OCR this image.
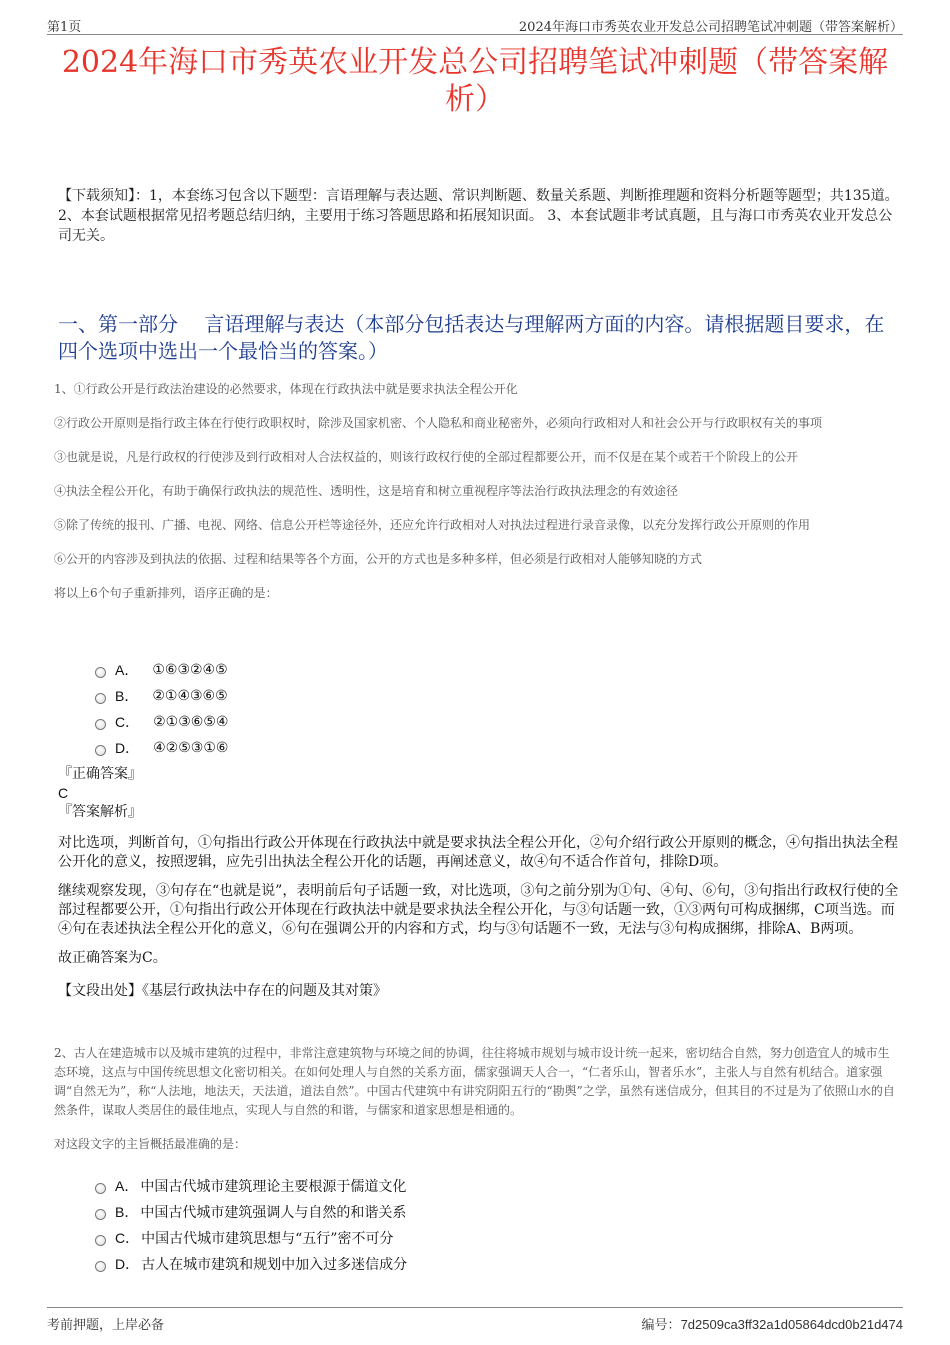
第1页	2024年海口市秀英农业开发总公司招聘笔试冲刺题（带答案解析）
2024年海口市秀英农业开发总公司招聘笔试冲刺题（带答案解析）
【下载须知】：1，本套练习包含以下题型：言语理解与表达题、常识判断题、数量关系题、判断推理题和资料分析题等题型；共135道。 2、本套试题根据常见招考题总结归纳，主要用于练习答题思路和拓展知识面。 3、本套试题非考试真题，且与海口市秀英农业开发总公司无关。
一、第一部分　 言语理解与表达（本部分包括表达与理解两方面的内容。请根据题目要求，在四个选项中选出一个最恰当的答案。）
1、①行政公开是行政法治建设的必然要求，体现在行政执法中就是要求执法全程公开化
②行政公开原则是指行政主体在行使行政职权时，除涉及国家机密、个人隐私和商业秘密外，必须向行政相对人和社会公开与行政职权有关的事项
③也就是说，凡是行政权的行使涉及到行政相对人合法权益的，则该行政权行使的全部过程都要公开，而不仅是在某个或若干个阶段上的公开
④执法全程公开化，有助于确保行政执法的规范性、透明性，这是培育和树立重视程序等法治行政执法理念的有效途径
⑤除了传统的报刊、广播、电视、网络、信息公开栏等途径外，还应允许行政相对人对执法过程进行录音录像，以充分发挥行政公开原则的作用
⑥公开的内容涉及到执法的依据、过程和结果等各个方面，公开的方式也是多种多样，但必须是行政相对人能够知晓的方式
将以上6个句子重新排列，语序正确的是：
A． ①⑥③②④⑤
B． ②①④③⑥⑤
C． ②①③⑥⑤④
D． ④②⑤③①⑥
『正确答案』
C
『答案解析』
对比选项，判断首句，①句指出行政公开体现在行政执法中就是要求执法全程公开化，②句介绍行政公开原则的概念，④句指出执法全程公开化的意义，按照逻辑，应先引出执法全程公开化的话题，再阐述意义，故④句不适合作首句，排除D项。
继续观察发现，③句存在“也就是说”，表明前后句子话题一致，对比选项，③句之前分别为①句、④句、⑥句，③句指出行政权行使的全部过程都要公开，①句指出行政公开体现在行政执法中就是要求执法全程公开化，与③句话题一致，①③两句可构成捆绑，C项当选。而④句在表述执法全程公开化的意义，⑥句在强调公开的内容和方式，均与③句话题不一致，无法与③句构成捆绑，排除A、B两项。
故正确答案为C。
【文段出处】《基层行政执法中存在的问题及其对策》
2、古人在建造城市以及城市建筑的过程中，非常注意建筑物与环境之间的协调，往往将城市规划与城市设计统一起来，密切结合自然，努力创造宜人的城市生态环境，这点与中国传统思想文化密切相关。在如何处理人与自然的关系方面，儒家强调天人合一，“仁者乐山，智者乐水”，主张人与自然有机结合。道家强调“自然无为”，称“人法地，地法天，天法道，道法自然”。中国古代建筑中有讲究阴阳五行的“勘舆”之学，虽然有迷信成分，但其目的不过是为了依照山水的自然条件，谋取人类居住的最佳地点，实现人与自然的和谐，与儒家和道家思想是相通的。
对这段文字的主旨概括最准确的是：
A． 中国古代城市建筑理论主要根源于儒道文化
B． 中国古代城市建筑强调人与自然的和谐关系
C． 中国古代城市建筑思想与“五行”密不可分
D． 古人在城市建筑和规划中加入过多迷信成分
考前押题，上岸必备	编号：7d2509ca3ff32a1d05864dcd0b21d474
